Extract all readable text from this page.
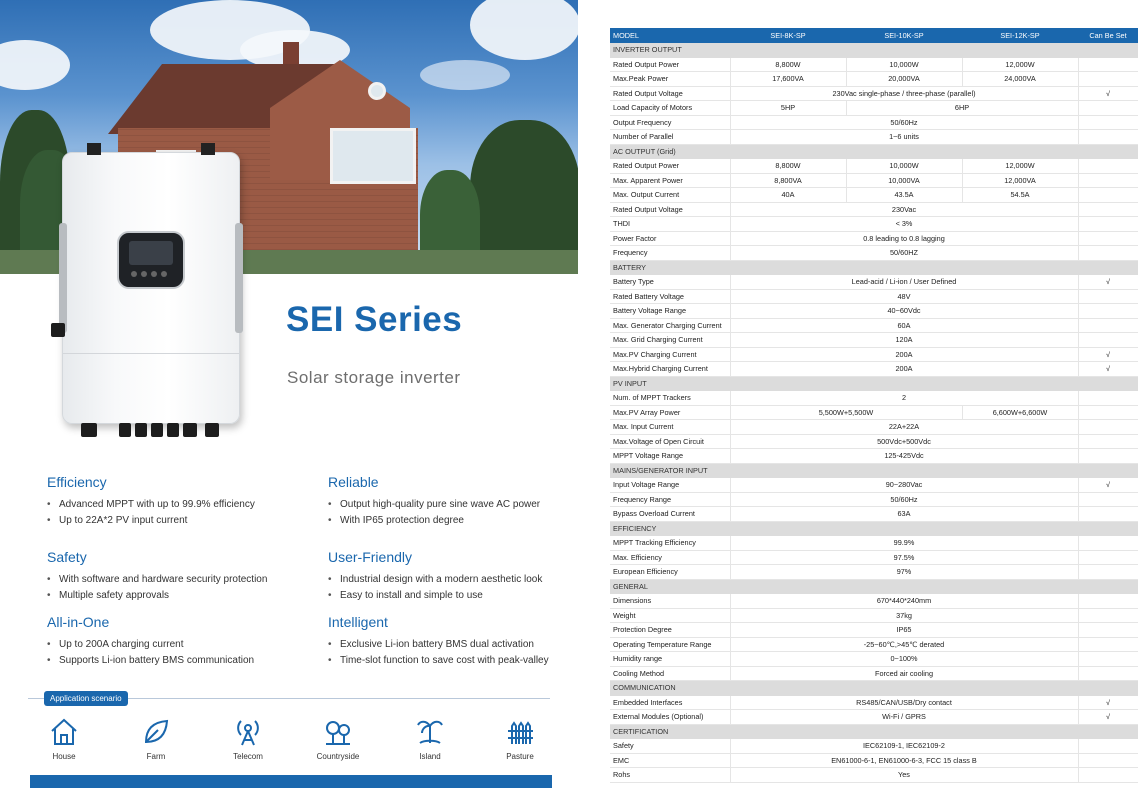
SEI Series
Solar storage inverter
Efficiency
• Advanced MPPT with up to 99.9% efficiency
• Up to 22A*2 PV input current
Reliable
• Output high-quality pure sine wave AC power
• With IP65 protection degree
Safety
• With software and hardware security protection
• Multiple safety approvals
User-Friendly
• Industrial design with a modern aesthetic look
• Easy to install and simple to use
All-in-One
• Up to 200A charging current
• Supports Li-ion battery BMS communication
Intelligent
• Exclusive Li-ion battery BMS dual activation
• Time-slot function to save cost with peak-valley
Application scenario
House	Farm	Telecom	Countryside	Island	Pasture
MODEL	SEI-8K-SP	SEI-10K-SP	SEI-12K-SP	Can Be Set
INVERTER OUTPUT				
Rated Output Power	8,800W	10,000W	12,000W	
Max.Peak Power	17,600VA	20,000VA	24,000VA	
Rated Output Voltage	230Vac single-phase / three-phase (parallel)			√
Load Capacity of Motors	5HP	6HP		
Output Frequency	50/60Hz			
Number of Parallel	1~6 units			
AC OUTPUT (Grid)				
Rated Output Power	8,800W	10,000W	12,000W	
Max. Apparent Power	8,800VA	10,000VA	12,000VA	
Max. Output Current	40A	43.5A	54.5A	
Rated Output Voltage	230Vac			
THDI	< 3%			
Power Factor	0.8 leading to 0.8 lagging			
Frequency	50/60HZ			
BATTERY				
Battery Type	Lead-acid / Li-ion / User Defined			√
Rated Battery Voltage	48V			
Battery Voltage Range	40~60Vdc			
Max. Generator Charging Current	60A			
Max. Grid Charging Current	120A			
Max.PV Charging Current	200A			√
Max.Hybrid Charging Current	200A			√
PV INPUT				
Num. of MPPT Trackers	2			
Max.PV Array Power	5,500W+5,500W		6,600W+6,600W	
Max. Input Current	22A+22A			
Max.Voltage of Open Circuit	500Vdc+500Vdc			
MPPT Voltage Range	125-425Vdc			
MAINS/GENERATOR INPUT				
Input Voltage Range	90~280Vac			√
Frequency Range	50/60Hz			
Bypass Overload Current	63A			
EFFICIENCY				
MPPT Tracking Efficiency	99.9%			
Max. Efficiency	97.5%			
European Efficiency	97%			
GENERAL				
Dimensions	670*440*240mm			
Weight	37kg			
Protection Degree	IP65			
Operating Temperature Range	-25~60℃,>45℃ derated			
Humidity range	0~100%			
Cooling Method	Forced air cooling			
COMMUNICATION				
Embedded Interfaces	RS485/CAN/USB/Dry contact			√
External Modules (Optional)	Wi-Fi / GPRS			√
CERTIFICATION				
Safety	IEC62109-1, IEC62109-2			
EMC	EN61000-6-1, EN61000-6-3, FCC 15 class B			
Rohs	Yes			
